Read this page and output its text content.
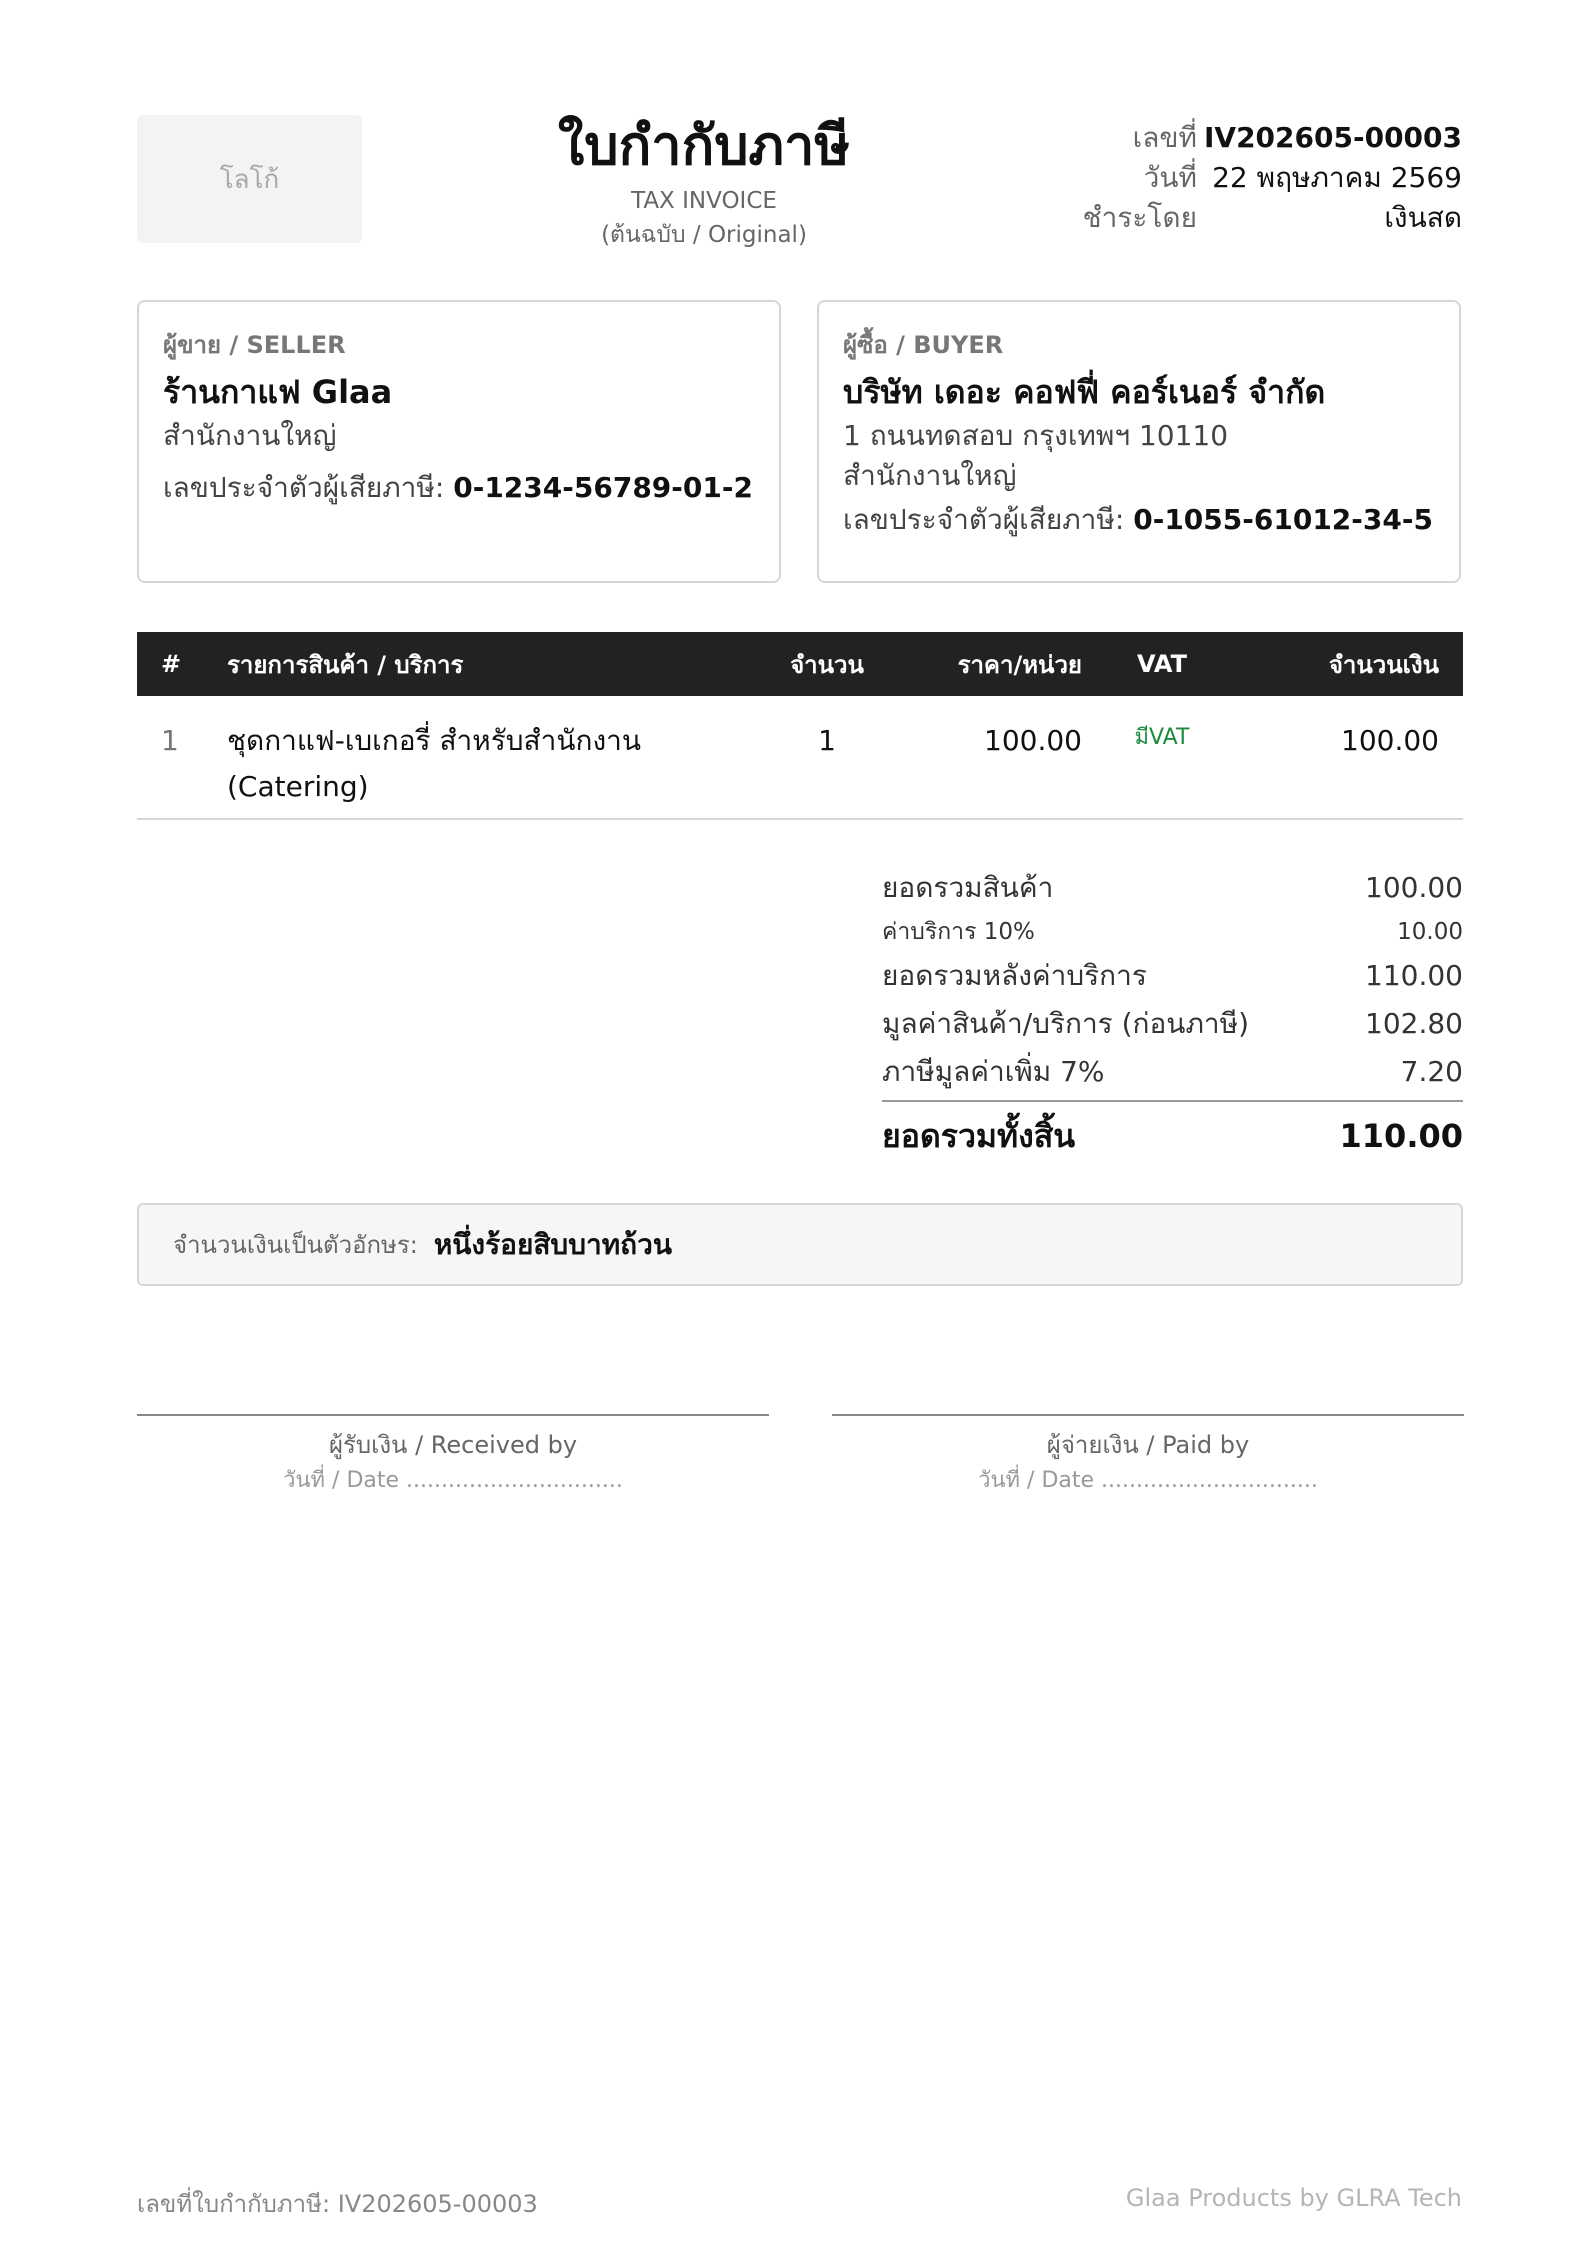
โลโก้
ใบกำกับภาษี
TAX INVOICE
(ต้นฉบับ / Original)
เลขที่ IV202605-00003
วันที่ 22 พฤษภาคม 2569
ชำระโดย	เงินสด
ผู้ขาย / SELLER
ร้านกาแฟ Glaa
สำนักงานใหญ่
เลขประจำตัวผู้เสียภาษี: 0-1234-56789-01-2
ผู้ซื้อ / BUYER
บริษัท เดอะ คอฟฟี่ คอร์เนอร์ จำกัด
1 ถนนทดสอบ กรุงเทพฯ 10110
สำนักงานใหญ่
เลขประจำตัวผู้เสียภาษี: 0-1055-61012-34-5
#	รายการสินค้า / บริการ	จำนวน	ราคา/หน่วย	VAT	จำนวนเงิน
1	ชุดกาแฟ-เบเกอรี่ สำหรับสำนักงาน
(Catering)
1	100.00	มีVAT	100.00
ยอดรวมสินค้า	100.00
ค่าบริการ 10%	10.00
ยอดรวมหลังค่าบริการ	110.00
มูลค่าสินค้า/บริการ (ก่อนภาษี)	102.80
ภาษีมูลค่าเพิ่ม 7%	7.20
ยอดรวมทั้งสิ้น	110.00
จำนวนเงินเป็นตัวอักษร: หนึ่งร้อยสิบบาทถ้วน
ผู้รับเงิน / Received by
วันที่ / Date ...............................
ผู้จ่ายเงิน / Paid by
วันที่ / Date ...............................
เลขที่ใบกำกับภาษี: IV202605-00003	Glaa Products by GLRA Tech
